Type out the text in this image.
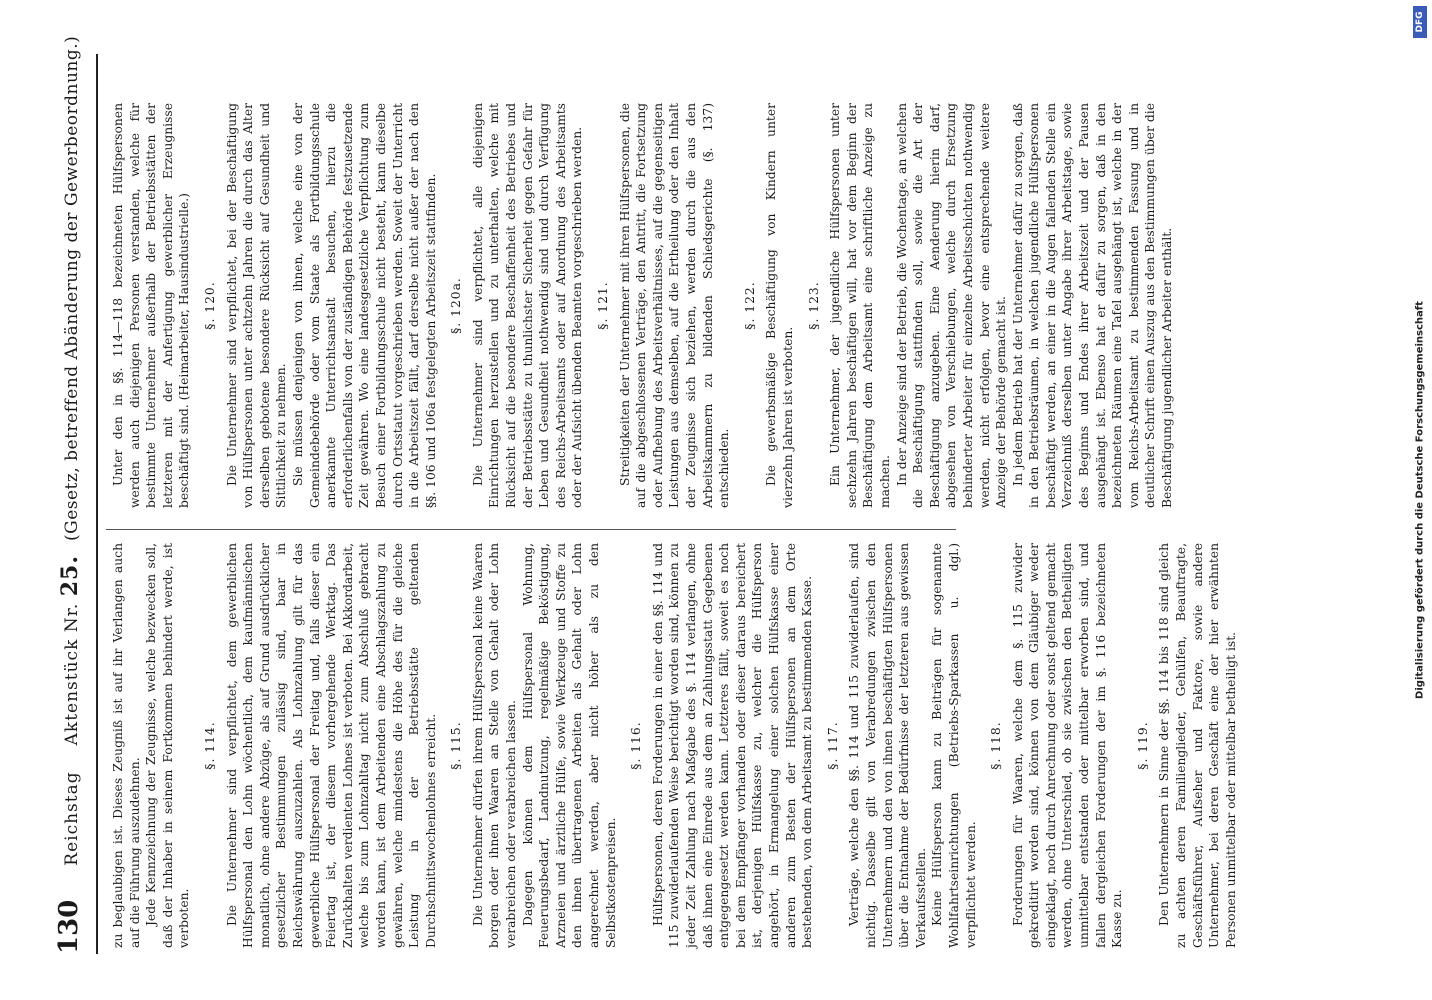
130
Reichstag
Aktenstück Nr. 25.
(Gesetz, betreffend Abänderung der Gewerbeordnung.)

zu beglaubigen ist. Dieses Zeugniß ist auf ihr Verlangen auch auf die Führung auszudehnen. Jede Kennzeichnung der Zeugnisse, welche bezwecken soll, daß der Inhaber in seinem Fortkommen behindert werde, ist verboten.

§. 114. Die Unternehmer sind verpflichtet, dem gewerblichen Hülfspersonal den Lohn wöchentlich, dem kaufmännischen monatlich, ohne andere Abzüge, als auf Grund ausdrücklicher gesetzlicher Bestimmungen zulässig sind, baar in Reichswährung auszuzahlen. Als Lohnzahlung gilt für das gewerbliche Hülfspersonal der Freitag und, falls dieser ein Feiertag ist, der diesem vorhergehende Werktag. Das Zurückhalten verdienten Lohnes ist verboten. Bei Akkordarbeit, welche bis zum Lohnzahltag nicht zum Abschluß gebracht worden kann, ist dem Arbeitenden eine Abschlagszahlung zu gewähren, welche mindestens die Höhe des für die gleiche Leistung in der Betriebsstätte geltenden Durchschnittswochenlohnes erreicht. §. 115. Die Unternehmer dürfen ihrem Hülfspersonal keine Waaren borgen oder ihnen Waaren an Stelle von Gehalt oder Lohn verabreichen oder verabreichen lassen. Dagegen können dem Hülfspersonal Wohnung, Feuerungsbedarf, Landnutzung, regelmäßige Beköstigung, Arzneien und ärztliche Hülfe, sowie Werkzeuge und Stoffe zu den ihnen übertragenen Arbeiten als Gehalt oder Lohn angerechnet werden, aber nicht höher als zu den Selbstkostenpreisen.

§. 116. Hülfspersonen, deren Forderungen in einer den §§. 114 und 115 zuwiderlaufenden Weise berichtigt worden sind, können zu jeder Zeit Zahlung nach Maßgabe des §. 114 verlangen, ohne daß ihnen eine Einrede aus dem an Zahlungsstatt Gegebenen entgegengesetzt werden kann. Letzteres fällt, soweit es noch bei dem Empfänger vorhanden oder dieser daraus bereichert ist, derjenigen Hülfskasse zu, welcher die Hülfsperson angehört, in Ermangelung einer solchen Hülfskasse einer anderen zum Besten der Hülfspersonen an dem Orte bestehenden, von dem Arbeitsamt zu bestimmenden Kasse. §. 117. Verträge, welche den §§. 114 und 115 zuwiderlaufen, sind nichtig. Dasselbe gilt von Verabredungen zwischen den Unternehmern und den von ihnen beschäftigten Hülfspersonen über die Entnahme der Bedürfnisse der letzteren aus gewissen Verkaufsstellen. Keine Hülfsperson kann zu Beiträgen für sogenannte Wohlfahrtseinrichtungen (Betriebs-Sparkassen u. dgl.) verpflichtet werden.

§. 118. Forderungen für Waaren, welche dem §. 115 zuwider gekreditirt worden sind, können von dem Gläubiger weder eingeklagt, noch durch Anrechnung oder sonst geltend gemacht werden, ohne Unterschied, ob sie zwischen den Betheiligten unmittelbar entstanden oder mittelbar erworben sind, und fallen dergleichen Forderungen der im §. 116 bezeichneten Kasse zu.

§. 119. Den Unternehmern in Sinne der §§. 114 bis 118 sind gleich zu achten deren Familienglieder, Gehülfen, Beauftragte, Geschäftsführer, Aufseher und Faktore, sowie andere Unternehmer, bei deren Geschäft eine der hier erwähnten Personen unmittelbar oder mittelbar betheiligt ist.

Unter den in §§. 114—118 bezeichneten Hülfspersonen werden auch diejenigen Personen verstanden, welche für bestimmte Unternehmer außerhalb der Betriebsstätten der letzteren mit der Anfertigung gewerblicher Erzeugnisse beschäftigt sind. (Heimarbeiter, Hausindustrielle.) §. 120. Die Unternehmer sind verpflichtet, bei der Beschäftigung von Hülfspersonen unter achtzehn Jahren die durch das Alter derselben gebotene besondere Rücksicht auf Gesundheit und Sittlichkeit zu nehmen. Sie müssen denjenigen von ihnen, welche eine von der Gemeindebehörde oder vom Staate als Fortbildungsschule anerkannte Unterrichtsanstalt besuchen, hierzu die erforderlichenfalls von der zuständigen Behörde festzusetzende Zeit gewähren. Wo eine landesgesetzliche Verpflichtung zum Besuch einer Fortbildungsschule nicht besteht, kann dieselbe durch Ortsstatut vorgeschrieben werden. Soweit der Unterricht in die Arbeitszeit fällt, darf derselbe nicht außer der nach den §§. 106 und 106a festgelegten Arbeitszeit stattfinden. §. 120a. Die Unternehmer sind verpflichtet, alle diejenigen Einrichtungen herzustellen und zu unterhalten, welche mit Rücksicht auf die besondere Beschaffenheit des Betriebes und der Betriebsstätte zu thunlichster Sicherheit gegen Gefahr für Leben und Gesundheit nothwendig sind und durch Verfügung des Reichs-Arbeitsamts oder auf Anordnung des Arbeitsamts oder der Aufsicht übenden Beamten vorgeschrieben werden. §. 121. Streitigkeiten der Unternehmer mit ihren Hülfspersonen, die auf die abgeschlossenen Verträge, den Antritt, die Fortsetzung oder Aufhebung des Arbeitsverhältnisses, auf die gegenseitigen Leistungen aus demselben, auf die Ertheilung oder den Inhalt der Zeugnisse sich beziehen, werden durch die aus den Arbeitskammern zu bildenden Schiedsgerichte (§. 137) entschieden.

§. 122. Die gewerbsmäßige Beschäftigung von Kindern unter vierzehn Jahren ist verboten.

§. 123. Ein Unternehmer, der jugendliche Hülfspersonen unter sechzehn Jahren beschäftigen will, hat vor dem Beginn der Beschäftigung dem Arbeitsamt eine schriftliche Anzeige zu machen. In der Anzeige sind der Betrieb, die Wochentage, an welchen die Beschäftigung stattfinden soll, sowie die Art der Beschäftigung anzugeben. Eine Aenderung hierin darf, abgesehen von Verschiebungen, welche durch Ersetzung behinderter Arbeiter für einzelne Arbeitsschichten nothwendig werden, nicht erfolgen, bevor eine entsprechende weitere Anzeige der Behörde gemacht ist. In jedem Betrieb hat der Unternehmer dafür zu sorgen, daß in den Betriebsräumen, in welchen jugendliche Hülfspersonen beschäftigt werden, an einer in die Augen fallenden Stelle ein Verzeichniß derselben unter Angabe ihrer Arbeitstage, sowie des Beginns und Endes ihrer Arbeitszeit und der Pausen ausgehängt ist. Ebenso hat er dafür zu sorgen, daß in den bezeichneten Räumen eine Tafel ausgehängt ist, welche in der vom Reichs-Arbeitsamt zu bestimmenden Fassung und in deutlicher Schrift einen Auszug aus den Bestimmungen über die Beschäftigung jugendlicher Arbeiter enthält.

DFG
Digitalisierung gefördert durch die Deutsche Forschungsgemeinschaft
